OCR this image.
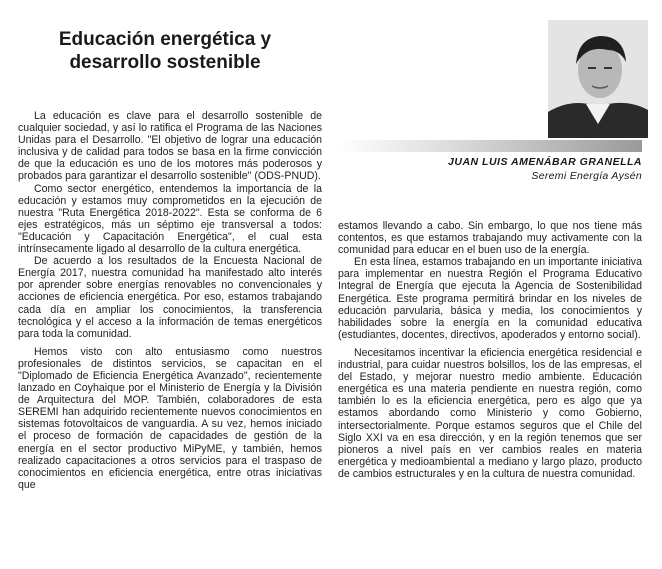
Educación energética y
desarrollo sostenible
JUAN LUIS AMENÁBAR GRANELLA
Seremi Energía Aysén

La educación es clave para el desarrollo sostenible de cualquier sociedad, y así lo ratifica el Programa de las Naciones Unidas para el Desarrollo. "El objetivo de lograr una educación inclusiva y de calidad para todos se basa en la firme convicción de que la educación es uno de los motores más poderosos y probados para garantizar el desarrollo sostenible" (ODS-PNUD).

Como sector energético, entendemos la importancia de la educación y estamos muy comprometidos en la ejecución de nuestra "Ruta Energética 2018-2022". Esta se conforma de 6 ejes estratégicos, más un séptimo eje transversal a todos: "Educación y Capacitación Energética", el cual esta intrínsecamente ligado al desarrollo de la cultura energética.

De acuerdo a los resultados de la Encuesta Nacional de Energía 2017, nuestra comunidad ha manifestado alto interés por aprender sobre energías renovables no convencionales y acciones de eficiencia energética. Por eso, estamos trabajando cada día en ampliar los conocimientos, la transferencia tecnológica y el acceso a la información de temas energéticos para toda la comunidad.

Hemos visto con alto entusiasmo como nuestros profesionales de distintos servicios, se capacitan en el "Diplomado de Eficiencia Energética Avanzado", recientemente lanzado en Coyhaique por el Ministerio de Energía y la División de Arquitectura del MOP. También, colaboradores de esta SEREMI han adquirido recientemente nuevos conocimientos en sistemas fotovoltaicos de vanguardia. A su vez, hemos iniciado el proceso de formación de capacidades de gestión de la energía en el sector productivo MiPyME, y también, hemos realizado capacitaciones a otros servicios para el traspaso de conocimientos en eficiencia energética, entre otras iniciativas que

estamos llevando a cabo. Sin embargo, lo que nos tiene más contentos, es que estamos trabajando muy activamente con la comunidad para educar en el buen uso de la energía.

En esta línea, estamos trabajando en un importante iniciativa para implementar en nuestra Región el Programa Educativo Integral de Energía que ejecuta la Agencia de Sostenibilidad Energética. Este programa permitirá brindar en los niveles de educación parvularia, básica y media, los conocimientos y habilidades sobre la energía en la comunidad educativa (estudiantes, docentes, directivos, apoderados y entorno social).

Necesitamos incentivar la eficiencia energética residencial e industrial, para cuidar nuestros bolsillos, los de las empresas, el del Estado, y mejorar nuestro medio ambiente. Educación energética es una materia pendiente en nuestra región, como también lo es la eficiencia energética, pero es algo que ya estamos abordando como Ministerio y como Gobierno, intersectorialmente. Porque estamos seguros que el Chile del Siglo XXI va en esa dirección, y en la región tenemos que ser pioneros a nivel país en ver cambios reales en materia energética y medioambiental a mediano y largo plazo, producto de cambios estructurales y en la cultura de nuestra comunidad.
